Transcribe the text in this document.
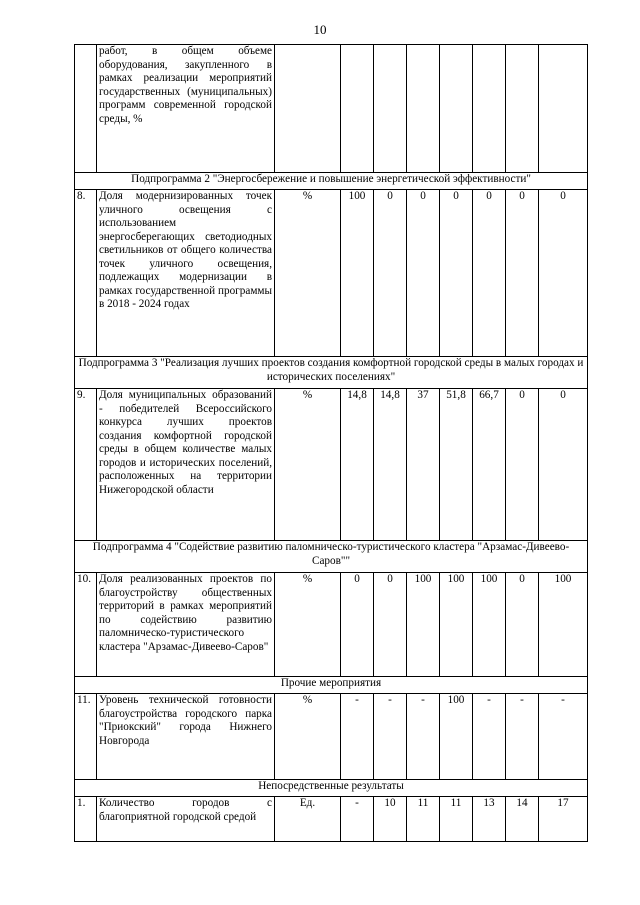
10
	работ, в общем объеме оборудования, закупленного в рамках реализации мероприятий государственных (муниципальных) программ современной городской среды, %								
Подпрограмма 2 "Энергосбережение и повышение энергетической эффективности"									
8.	Доля модернизированных точек уличного освещения с использованием энергосберегающих светодиодных светильников от общего количества точек уличного освещения, подлежащих модернизации в рамках государственной программы в 2018 - 2024 годах	%	100	0	0	0	0	0	0
Подпрограмма 3 "Реализация лучших проектов создания комфортной городской среды в малых городах и исторических поселениях"									
9.	Доля муниципальных образований - победителей Всероссийского конкурса лучших проектов создания комфортной городской среды в общем количестве малых городов и исторических поселений, расположенных на территории Нижегородской области	%	14,8	14,8	37	51,8	66,7	0	0
Подпрограмма 4 "Содействие развитию паломническо-туристического кластера "Арзамас-Дивеево-Саров""									
10.	Доля реализованных проектов по благоустройству общественных территорий в рамках мероприятий по содействию развитию паломническо-туристического кластера "Арзамас-Дивеево-Саров"	%	0	0	100	100	100	0	100
Прочие мероприятия									
11.	Уровень технической готовности благоустройства городского парка "Приокский" города Нижнего Новгорода	%	-	-	-	100	-	-	-
Непосредственные результаты									
1.	Количество городов с благоприятной городской средой	Ед.	-	10	11	11	13	14	17
